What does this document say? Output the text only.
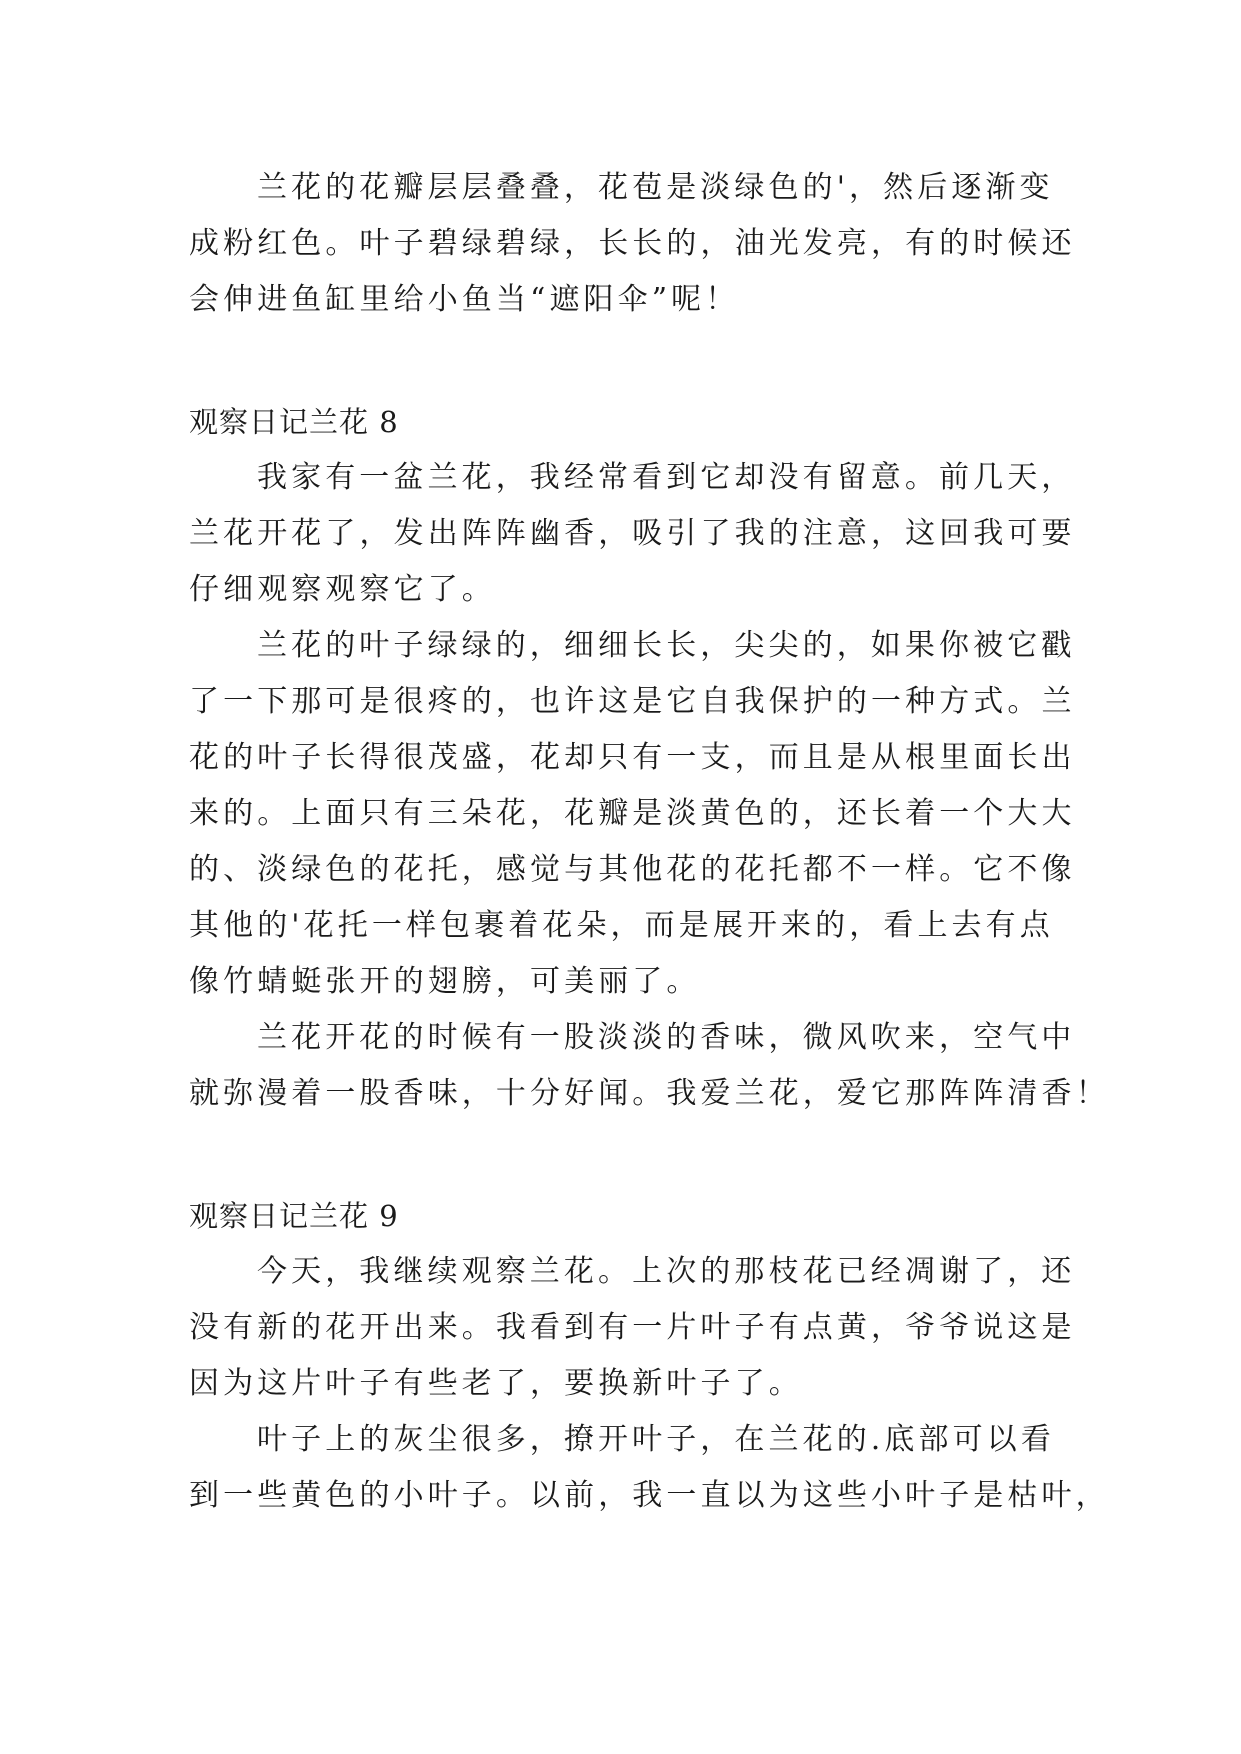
兰花的花瓣层层叠叠，花苞是淡绿色的'，然后逐渐变
成粉红色。叶子碧绿碧绿，长长的，油光发亮，有的时候还
会伸进鱼缸里给小鱼当“遮阳伞”呢！
观察日记兰花 8
我家有一盆兰花，我经常看到它却没有留意。前几天，
兰花开花了，发出阵阵幽香，吸引了我的注意，这回我可要
仔细观察观察它了。
兰花的叶子绿绿的，细细长长，尖尖的，如果你被它戳
了一下那可是很疼的，也许这是它自我保护的一种方式。兰
花的叶子长得很茂盛，花却只有一支，而且是从根里面长出
来的。上面只有三朵花，花瓣是淡黄色的，还长着一个大大
的、淡绿色的花托，感觉与其他花的花托都不一样。它不像
其他的'花托一样包裹着花朵，而是展开来的，看上去有点
像竹蜻蜓张开的翅膀，可美丽了。
兰花开花的时候有一股淡淡的香味，微风吹来，空气中
就弥漫着一股香味，十分好闻。我爱兰花，爱它那阵阵清香！
观察日记兰花 9
今天，我继续观察兰花。上次的那枝花已经凋谢了，还
没有新的花开出来。我看到有一片叶子有点黄，爷爷说这是
因为这片叶子有些老了，要换新叶子了。
叶子上的灰尘很多，撩开叶子，在兰花的.底部可以看
到一些黄色的小叶子。以前，我一直以为这些小叶子是枯叶，
